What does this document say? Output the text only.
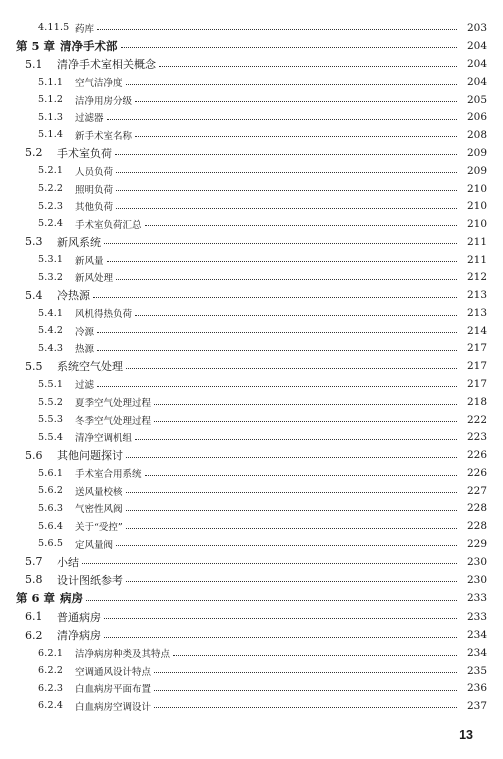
4.11.5 药库	203
第 5 章 清净手术部	204
5.1	清净手术室相关概念	204
5.1.1	空气洁净度	204
5.1.2	洁净用房分级	205
5.1.3	过滤器	206
5.1.4	新手术室名称	208
5.2	手术室负荷	209
5.2.1	人员负荷	209
5.2.2	照明负荷	210
5.2.3	其他负荷	210
5.2.4	手术室负荷汇总	210
5.3	新风系统	211
5.3.1	新风量	211
5.3.2	新风处理	212
5.4	冷热源	213
5.4.1	风机得热负荷	213
5.4.2	冷源	214
5.4.3	热源	217
5.5	系统空气处理	217
5.5.1	过滤	217
5.5.2	夏季空气处理过程	218
5.5.3	冬季空气处理过程	222
5.5.4	清净空调机组	223
5.6	其他问题探讨	226
5.6.1	手术室合用系统	226
5.6.2	送风量校核	227
5.6.3	气密性风阀	228
5.6.4	关于“受控”	228
5.6.5	定风量阀	229
5.7	小结	230
5.8	设计图纸参考	230
第 6 章 病房	233
6.1	普通病房	233
6.2	清净病房	234
6.2.1	洁净病房种类及其特点	234
6.2.2	空调通风设计特点	235
6.2.3	白血病房平面布置	236
6.2.4	白血病房空调设计	237
13
